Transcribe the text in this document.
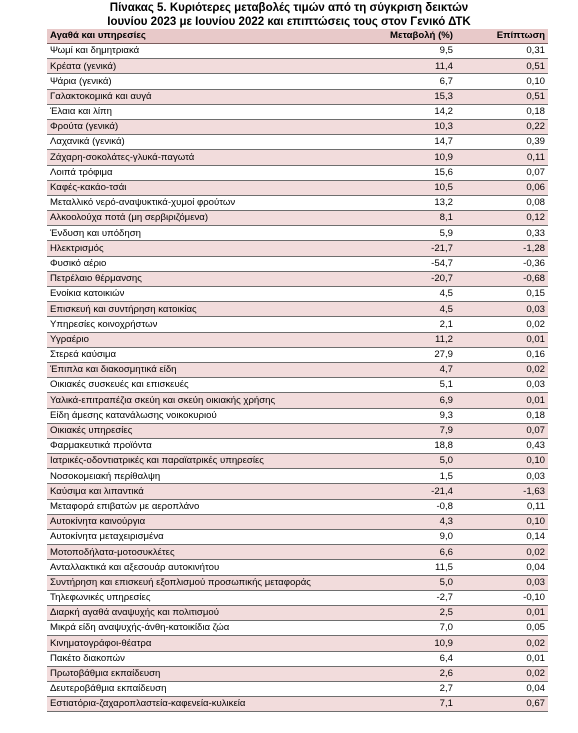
Πίνακας 5. Κυριότερες μεταβολές τιμών από τη σύγκριση δεικτών
Ιουνίου 2023 με Ιουνίου 2022 και επιπτώσεις τους στον Γενικό ΔΤΚ
Αγαθά και υπηρεσίες	Μεταβολή (%)	Επίπτωση
Ψωμί και δημητριακά	9,5	0,31
Κρέατα (γενικά)	11,4	0,51
Ψάρια (γενικά)	6,7	0,10
Γαλακτοκομικά και αυγά	15,3	0,51
Έλαια και λίπη	14,2	0,18
Φρούτα (γενικά)	10,3	0,22
Λαχανικά (γενικά)	14,7	0,39
Ζάχαρη-σοκολάτες-γλυκά-παγωτά	10,9	0,11
Λοιπά τρόφιμα	15,6	0,07
Καφές-κακάο-τσάι	10,5	0,06
Μεταλλικό νερό-αναψυκτικά-χυμοί φρούτων	13,2	0,08
Αλκοολούχα ποτά (μη σερβιριζόμενα)	8,1	0,12
Ένδυση και υπόδηση	5,9	0,33
Ηλεκτρισμός	-21,7	-1,28
Φυσικό αέριο	-54,7	-0,36
Πετρέλαιο θέρμανσης	-20,7	-0,68
Ενοίκια κατοικιών	4,5	0,15
Επισκευή και συντήρηση κατοικίας	4,5	0,03
Υπηρεσίες κοινοχρήστων	2,1	0,02
Υγραέριο	11,2	0,01
Στερεά καύσιμα	27,9	0,16
Έπιπλα και διακοσμητικά είδη	4,7	0,02
Οικιακές συσκευές και επισκευές	5,1	0,03
Υαλικά-επιτραπέζια σκεύη και σκεύη οικιακής χρήσης	6,9	0,01
Είδη άμεσης κατανάλωσης νοικοκυριού	9,3	0,18
Οικιακές υπηρεσίες	7,9	0,07
Φαρμακευτικά προϊόντα	18,8	0,43
Ιατρικές-οδοντιατρικές και παραϊατρικές υπηρεσίες	5,0	0,10
Νοσοκομειακή περίθαλψη	1,5	0,03
Καύσιμα και λιπαντικά	-21,4	-1,63
Μεταφορά επιβατών με αεροπλάνο	-0,8	0,11
Αυτοκίνητα καινούργια	4,3	0,10
Αυτοκίνητα μεταχειρισμένα	9,0	0,14
Μοτοποδήλατα-μοτοσυκλέτες	6,6	0,02
Ανταλλακτικά και αξεσουάρ αυτοκινήτου	11,5	0,04
Συντήρηση και επισκευή εξοπλισμού προσωπικής μεταφοράς	5,0	0,03
Τηλεφωνικές υπηρεσίες	-2,7	-0,10
Διαρκή αγαθά αναψυχής και πολιτισμού	2,5	0,01
Μικρά είδη αναψυχής-άνθη-κατοικίδια ζώα	7,0	0,05
Κινηματογράφοι-θέατρα	10,9	0,02
Πακέτο διακοπών	6,4	0,01
Πρωτοβάθμια εκπαίδευση	2,6	0,02
Δευτεροβάθμια εκπαίδευση	2,7	0,04
Εστιατόρια-ζαχαροπλαστεία-καφενεία-κυλικεία	7,1	0,67
